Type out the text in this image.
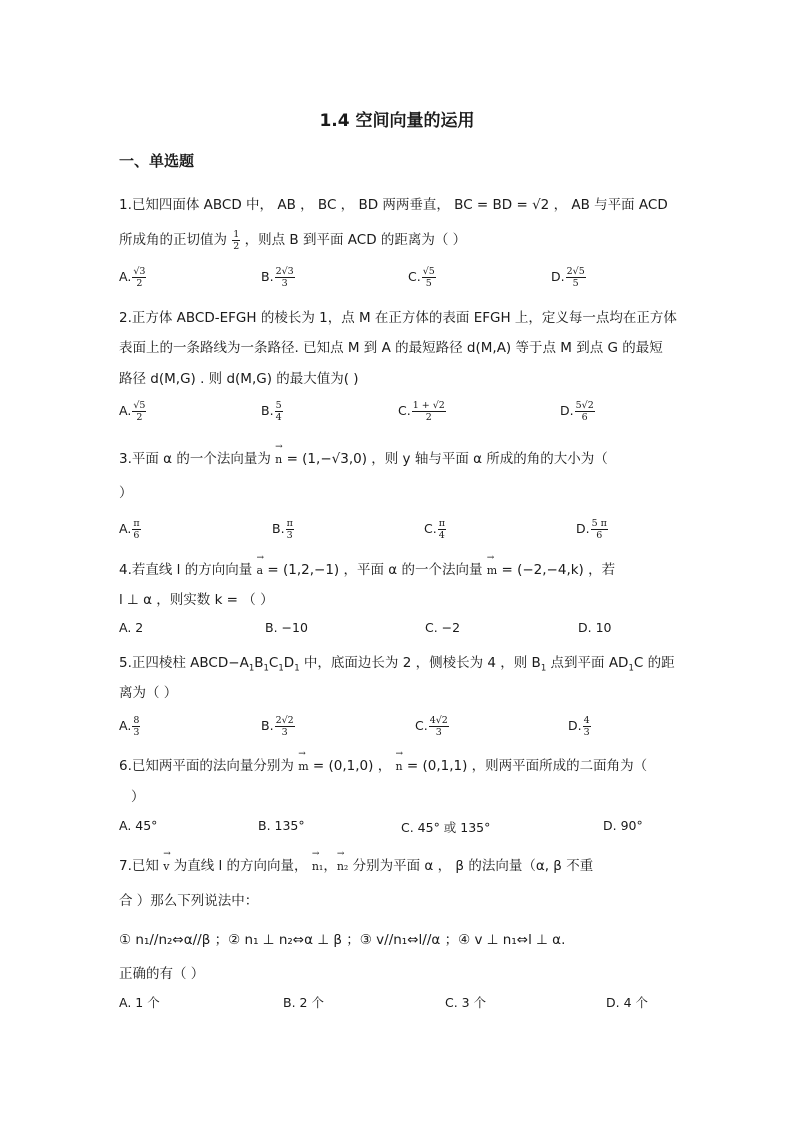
1.4 空间向量的运用
一、单选题
1.已知四面体 ABCD 中， AB ， BC ， BD 两两垂直， BC = BD = √2 ， AB 与平面 ACD
所成角的正切值为 $\frac{1}{2}$ ，则点 B 到平面 ACD 的距离为（ ）
A. $\frac{√3}{2}$	B. $\frac{2√3}{3}$	C. $\frac{√5}{5}$	D. $\frac{2√5}{5}$
2.正方体 ABCD-EFGH 的棱长为 1，点 M 在正方体的表面 EFGH 上，定义每一点均在正方体
表面上的一条路线为一条路径. 已知点 M 到 A 的最短路径 d(M,A) 等于点 M 到点 G 的最短
路径 d(M,G) . 则 d(M,G) 的最大值为( )
A. $\frac{√5}{2}$	B. $\frac{5}{4}$	C. $\frac{1 + √2}{2}$	D. $\frac{5√2}{6}$
3.平面 α 的一个法向量为 → n = (1,−√3,0) ，则 y 轴与平面 α 所成的角的大小为（
）
A. $\frac{\pi}{6}$	B. $\frac{\pi}{3}$	C. $\frac{\pi}{4}$	D. $\frac{5 \pi}{6}$
4.若直线 l 的方向向量 → a = (1,2,−1) ，平面 α 的一个法向量 → m = (−2,−4,k) ，若
l ⊥ α ，则实数 k = （ ）
A. 2	B. −10	C. −2	D. 10
5.正四棱柱 $ABCD-A_1B_1C_1D_1$ 中，底面边长为 2 ，侧棱长为 4 ，则 $B_1$ 点到平面 $AD_1C$ 的距
离为（ ）
A. $\frac{8}{3}$	B. $\frac{2√2}{3}$	C. $\frac{4√2}{3}$	D. $\frac{4}{3}$
6.已知两平面的法向量分别为 → m = (0,1,0) ， → n = (0,1,1) ，则两平面所成的二面角为（
）
A. 45°	B. 135°	C. 45° 或 135°	D. 90°
7.已知 → v 为直线 l 的方向向量， → n₁，→ n₂ 分别为平面 α ， β 的法向量（α, β 不重
合 ）那么下列说法中：
① n₁//n₂⇔α//β ；② n₁ ⊥ n₂⇔α ⊥ β ；③ v//n₁⇔l//α ；④ v ⊥ n₁⇔l ⊥ α.
正确的有（ ）
A. 1 个	B. 2 个	C. 3 个	D. 4 个
